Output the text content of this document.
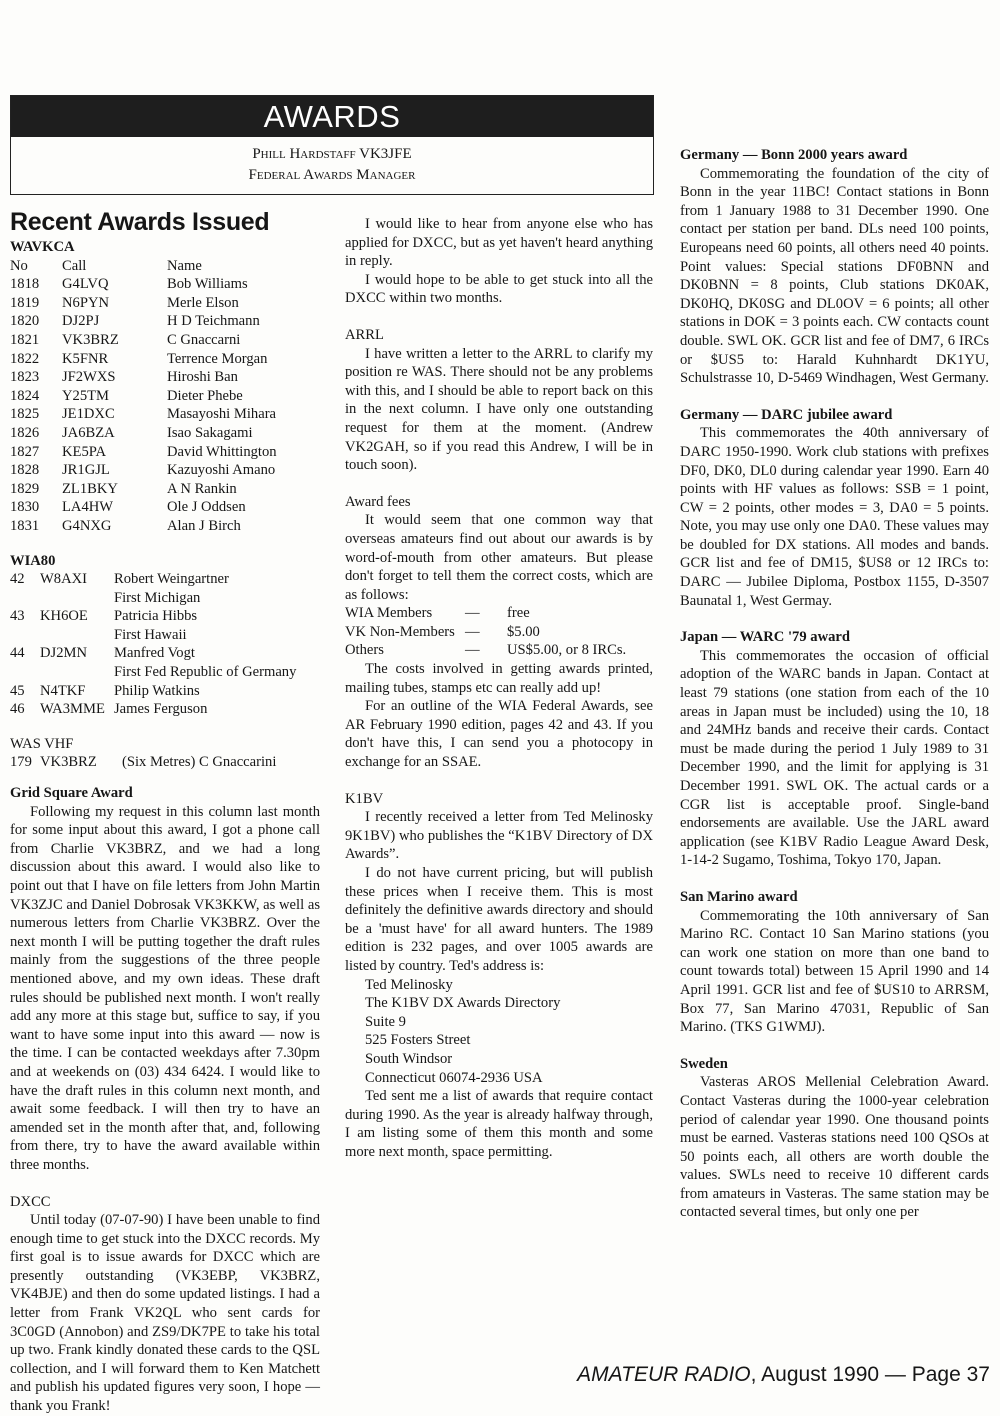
AWARDS
Phill Hardstaff VK3JFE
Federal Awards Manager
Recent Awards Issued
WAVKCA
No	Call	Name
1818	G4LVQ	Bob Williams
1819	N6PYN	Merle Elson
1820	DJ2PJ	H D Teichmann
1821	VK3BRZ	C Gnaccarni
1822	K5FNR	Terrence Morgan
1823	JF2WXS	Hiroshi Ban
1824	Y25TM	Dieter Phebe
1825	JE1DXC	Masayoshi Mihara
1826	JA6BZA	Isao Sakagami
1827	KE5PA	David Whittington
1828	JR1GJL	Kazuyoshi Amano
1829	ZL1BKY	A N Rankin
1830	LA4HW	Ole J Oddsen
1831	G4NXG	Alan J Birch
WIA80
42	W8AXI	Robert Weingartner
		First Michigan
43	KH6OE	Patricia Hibbs
		First Hawaii
44	DJ2MN	Manfred Vogt
		First Fed Republic of Germany
45	N4TKF	Philip Watkins
46	WA3MME	James Ferguson
WAS VHF
179	VK3BRZ	(Six Metres) C Gnaccarini
Grid Square Award

Following my request in this column last month for some input about this award, I got a phone call from Charlie VK3BRZ, and we had a long discussion about this award. I would also like to point out that I have on file letters from John Martin VK3ZJC and Daniel Dobrosak VK3KKW, as well as numerous letters from Charlie VK3BRZ. Over the next month I will be putting together the draft rules mainly from the suggestions of the three people mentioned above, and my own ideas. These draft rules should be published next month. I won't really add any more at this stage but, suffice to say, if you want to have some input into this award — now is the time. I can be contacted weekdays after 7.30pm and at weekends on (03) 434 6424. I would like to have the draft rules in this column next month, and await some feedback. I will then try to have an amended set in the month after that, and, following from there, try to have the award available within three months.

DXCC

Until today (07-07-90) I have been unable to find enough time to get stuck into the DXCC records. My first goal is to issue awards for DXCC which are presently outstanding (VK3EBP, VK3BRZ, VK4BJE) and then do some updated listings. I had a letter from Frank VK2QL who sent cards for 3C0GD (Annobon) and ZS9/DK7PE to take his total up two. Frank kindly donated these cards to the QSL collection, and I will forward them to Ken Matchett and publish his updated figures very soon, I hope — thank you Frank!

I would like to hear from anyone else who has applied for DXCC, but as yet haven't heard anything in reply.

I would hope to be able to get stuck into all the DXCC within two months.

ARRL

I have written a letter to the ARRL to clarify my position re WAS. There should not be any problems with this, and I should be able to report back on this in the next column. I have only one outstanding request for them at the moment. (Andrew VK2GAH, so if you read this Andrew, I will be in touch soon).

Award fees

It would seem that one common way that overseas amateurs find out about our awards is by word-of-mouth from other amateurs. But please don't forget to tell them the correct costs, which are as follows:

WIA Members	—	free
VK Non-Members	—	$5.00
Others	—	US$5.00, or 8 IRCs.

The costs involved in getting awards printed, mailing tubes, stamps etc can really add up!

For an outline of the WIA Federal Awards, see AR February 1990 edition, pages 42 and 43. If you don't have this, I can send you a photocopy in exchange for an SSAE.

K1BV

I recently received a letter from Ted Melinosky 9K1BV) who publishes the “K1BV Directory of DX Awards”.

I do not have current pricing, but will publish these prices when I receive them. This is most definitely the definitive awards directory and should be a 'must have' for all award hunters. The 1989 edition is 232 pages, and over 1005 awards are listed by country. Ted's address is:

Ted Melinosky
The K1BV DX Awards Directory
Suite 9
525 Fosters Street
South Windsor
Connecticut 06074-2936 USA

Ted sent me a list of awards that require contact during 1990. As the year is already halfway through, I am listing some of them this month and some more next month, space permitting.

Germany — Bonn 2000 years award

Commemorating the foundation of the city of Bonn in the year 11BC! Contact stations in Bonn from 1 January 1988 to 31 December 1990. One contact per station per band. DLs need 100 points, Europeans need 60 points, all others need 40 points. Point values: Special stations DF0BNN and DK0BNN = 8 points, Club stations DK0AK, DK0HQ, DK0SG and DL0OV = 6 points; all other stations in DOK = 3 points each. CW contacts count double. SWL OK. GCR list and fee of DM7, 6 IRCs or $US5 to: Harald Kuhnhardt DK1YU, Schulstrasse 10, D-5469 Windhagen, West Germany.

Germany — DARC jubilee award

This commemorates the 40th anniversary of DARC 1950-1990. Work club stations with prefixes DF0, DK0, DL0 during calendar year 1990. Earn 40 points with HF values as follows: SSB = 1 point, CW = 2 points, other modes = 3, DA0 = 5 points. Note, you may use only one DA0. These values may be doubled for DX stations. All modes and bands. GCR list and fee of DM15, $US8 or 12 IRCs to: DARC — Jubilee Diploma, Postbox 1155, D-3507 Baunatal 1, West Germay.

Japan — WARC '79 award

This commemorates the occasion of official adoption of the WARC bands in Japan. Contact at least 79 stations (one station from each of the 10 areas in Japan must be included) using the 10, 18 and 24MHz bands and receive their cards. Contact must be made during the period 1 July 1989 to 31 December 1990, and the limit for applying is 31 December 1991. SWL OK. The actual cards or a CGR list is acceptable proof. Single-band endorsements are available. Use the JARL award application (see K1BV Radio League Award Desk, 1-14-2 Sugamo, Toshima, Tokyo 170, Japan.

San Marino award

Commemorating the 10th anniversary of San Marino RC. Contact 10 San Marino stations (you can work one station on more than one band to count towards total) between 15 April 1990 and 14 April 1991. GCR list and fee of $US10 to ARRSM, Box 77, San Marino 47031, Republic of San Marino. (TKS G1WMJ).

Sweden

Vasteras AROS Mellenial Celebration Award. Contact Vasteras during the 1000-year celebration period of calendar year 1990. One thousand points must be earned. Vasteras stations need 100 QSOs at 50 points each, all others are worth double the values. SWLs need to receive 10 different cards from amateurs in Vasteras. The same station may be contacted several times, but only one per

AMATEUR RADIO, August 1990 — Page 37
